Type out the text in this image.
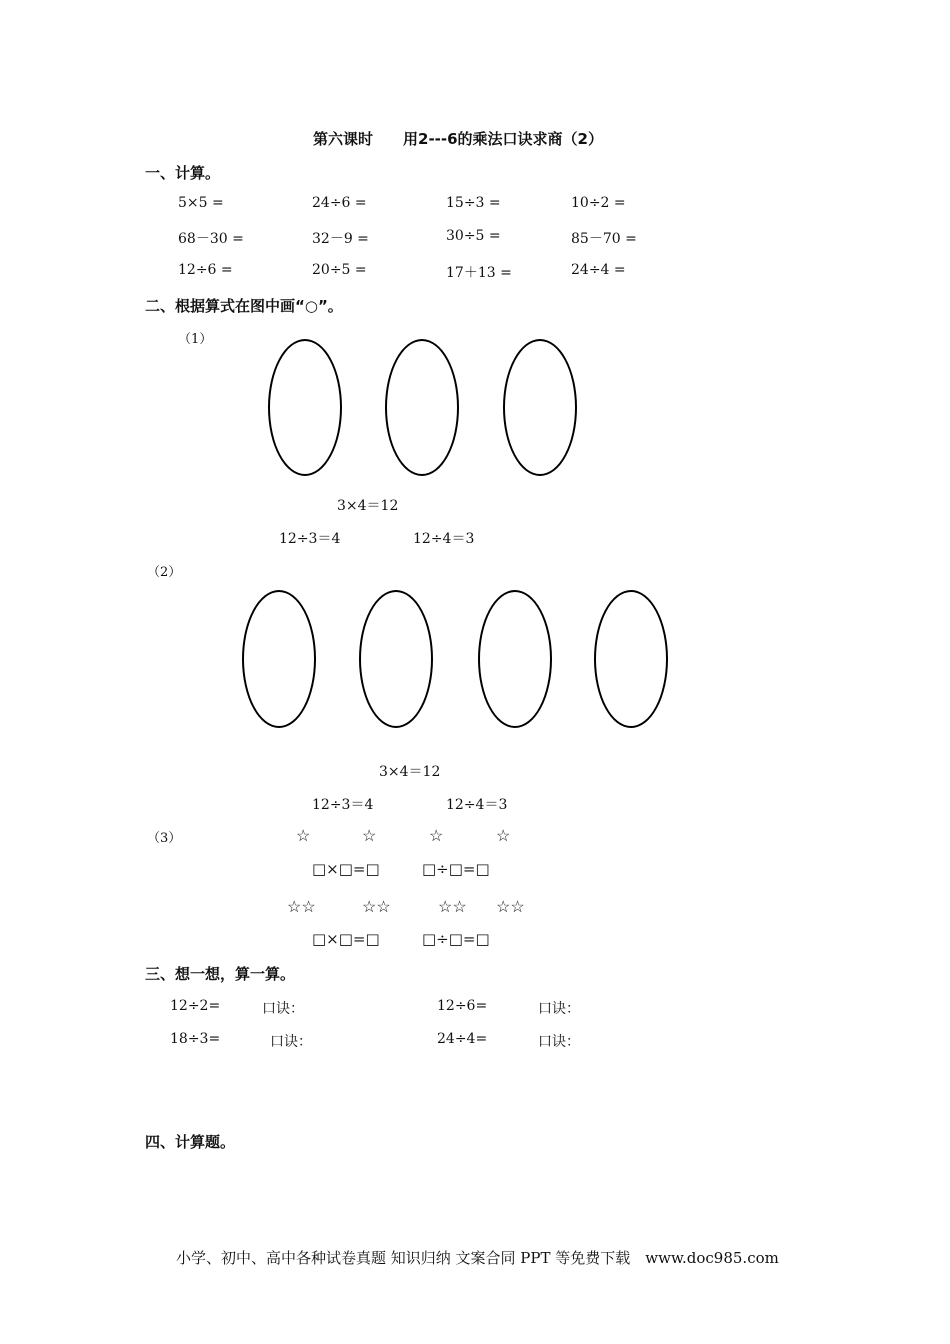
第六课时　　用2---6的乘法口诀求商（2）
一、计算。
5×5 =	24÷6 =	15÷3 =	10÷2 =
68－30 =	32－9 =	30÷5 =	85－70 =
12÷6 =	20÷5 =	17＋13 =	24÷4 =
二、根据算式在图中画“○”。
（1）
3×4＝12
12÷3＝4	12÷4＝3
（2）
3×4＝12
12÷3＝4	12÷4＝3
（3）	☆	☆	☆	☆
□×□=□	□÷□=□
☆☆	☆☆	☆☆ ☆☆
□×□=□	□÷□=□
三、想一想，算一算。
12÷2=	口诀：	12÷6=	口诀：
18÷3=	口诀：	24÷4=	口诀：
四、计算题。
小学、初中、高中各种试卷真题 知识归纳 文案合同 PPT 等免费下载　www.doc985.com
